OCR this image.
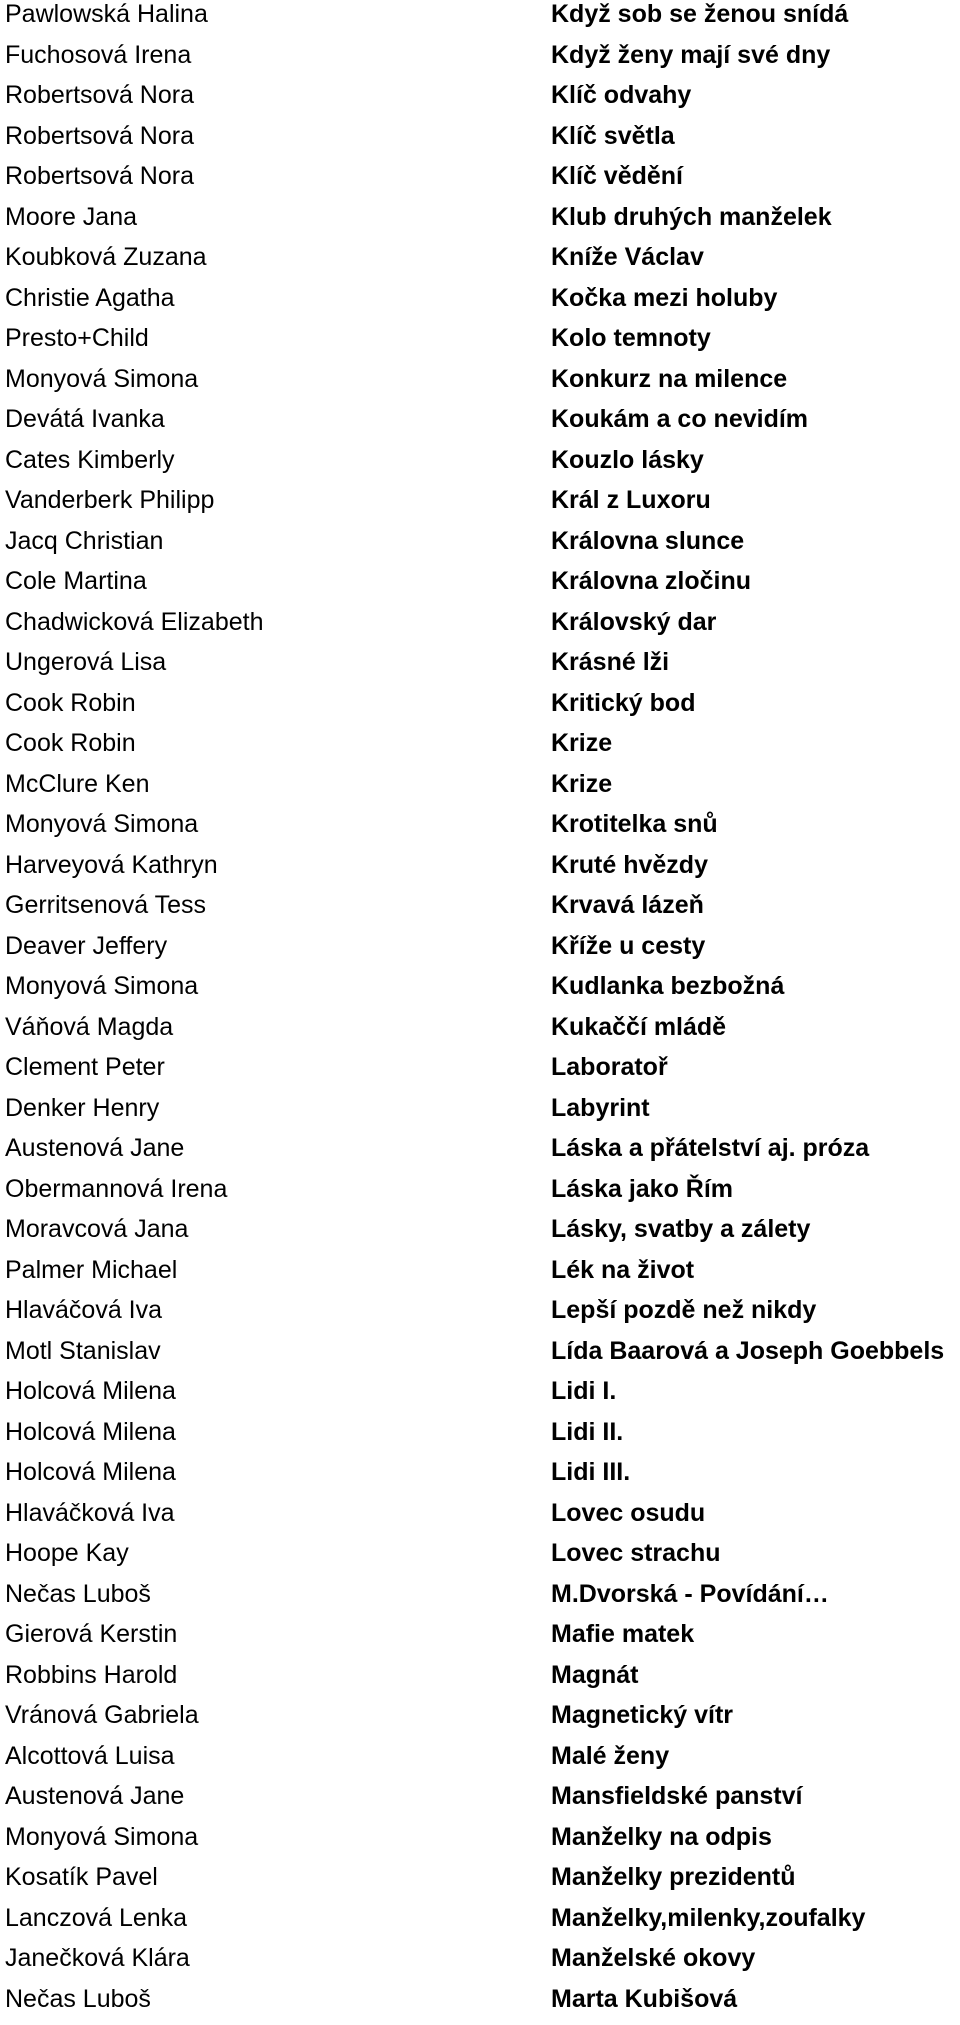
Pawlowská Halina	Když sob se ženou snídá
Fuchosová Irena	Když ženy mají své dny
Robertsová Nora	Klíč odvahy
Robertsová Nora	Klíč světla
Robertsová Nora	Klíč vědění
Moore Jana	Klub druhých manželek
Koubková Zuzana	Kníže Václav
Christie Agatha	Kočka mezi holuby
Presto+Child	Kolo temnoty
Monyová Simona	Konkurz na milence
Devátá Ivanka	Koukám a co nevidím
Cates Kimberly	Kouzlo lásky
Vanderberk Philipp	Král z Luxoru
Jacq Christian	Královna slunce
Cole Martina	Královna zločinu
Chadwicková Elizabeth	Královský dar
Ungerová Lisa	Krásné lži
Cook Robin	Kritický bod
Cook Robin	Krize
McClure Ken	Krize
Monyová Simona	Krotitelka snů
Harveyová Kathryn	Kruté hvězdy
Gerritsenová Tess	Krvavá lázeň
Deaver Jeffery	Kříže u cesty
Monyová Simona	Kudlanka bezbožná
Váňová Magda	Kukaččí mládě
Clement Peter	Laboratoř
Denker Henry	Labyrint
Austenová Jane	Láska a přátelství aj. próza
Obermannová Irena	Láska jako Řím
Moravcová Jana	Lásky, svatby a zálety
Palmer Michael	Lék na život
Hlaváčová Iva	Lepší pozdě než nikdy
Motl Stanislav	Lída Baarová a Joseph Goebbels
Holcová Milena	Lidi I.
Holcová Milena	Lidi II.
Holcová Milena	Lidi III.
Hlaváčková Iva	Lovec osudu
Hoope Kay	Lovec strachu
Nečas Luboš	M.Dvorská - Povídání…
Gierová Kerstin	Mafie matek
Robbins Harold	Magnát
Vránová Gabriela	Magnetický vítr
Alcottová Luisa	Malé ženy
Austenová Jane	Mansfieldské panství
Monyová Simona	Manželky na odpis
Kosatík Pavel	Manželky prezidentů
Lanczová Lenka	Manželky,milenky,zoufalky
Janečková Klára	Manželské okovy
Nečas Luboš	Marta Kubišová
